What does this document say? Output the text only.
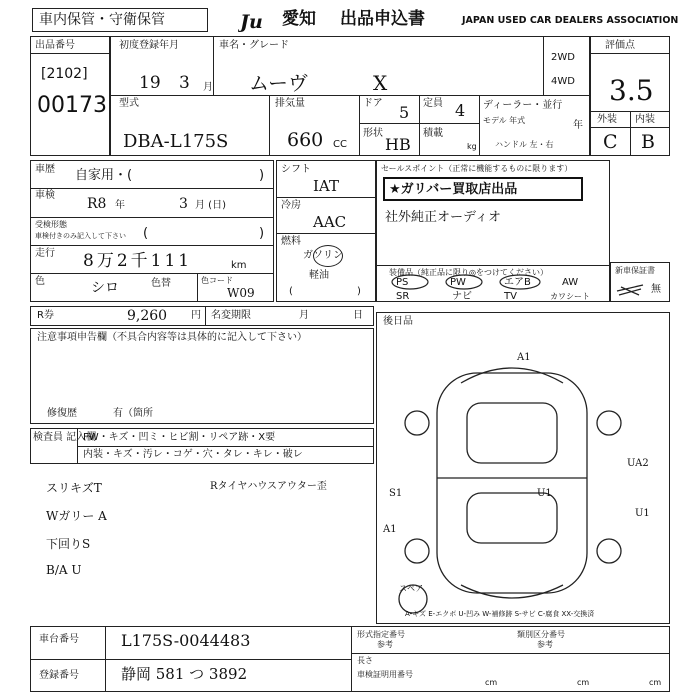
車内保管・守衛保管	Ju 愛知 出品申込書	JAPAN USED CAR DEALERS ASSOCIATION
出品番号
[2102]
00173
初度登録年月
19 3 月
車名・グレード
ムーヴ	X
2WD
4WD
型式
DBA-L175S
排気量
660 CC
ドア 5
形状
HB
定員 4
積載
kg
ディーラー・並行
モデル 年式	年
ハンドル 左・右
評価点
3.5
外装 内装
C B
車歴 自家用・(	)
車検
R8 年	3 月 (日)
受検形態
車検付きのみ記入して下さい (	)
走行 8万2千111	km
色	シロ	色替	色コード
W09
シフト
IAT
冷房
AAC
燃料
ガソリン
軽油
(	)
セールスポイント（正常に機能するものに限ります）
★ガリバー買取店出品
社外純正オーディオ
装備品（純正品に限り◎をつけてください）
PS	PW	エアB	AW
SR	ナビ	TV	カワシート
新車保証書
無
R券	9,260 円 名変期限	月	日
注意事項申告欄（不具合内容等は具体的に記入して下さい）
修復歴	有（箇所
検査員 記入欄
FW・キズ・凹ミ・ヒビ割・リペア跡・X要
内装・キズ・汚レ・コゲ・穴・タレ・キレ・破レ
後日品
A1
UA2
U1
S1
A1
U1
スペア
A-キズ E-エクボ U-凹み W-補修跡 S-サビ C-腐食 XX-交換済
スリキズT	Rタイヤハウスアウター歪
Wガリー A
下回りS
B/A U
車台番号	L175S-0044483
登録番号	静岡 581 つ 3892
形式指定番号
参考
類別区分番号
参考
長さ
車検証明用番号
cm	cm	cm
